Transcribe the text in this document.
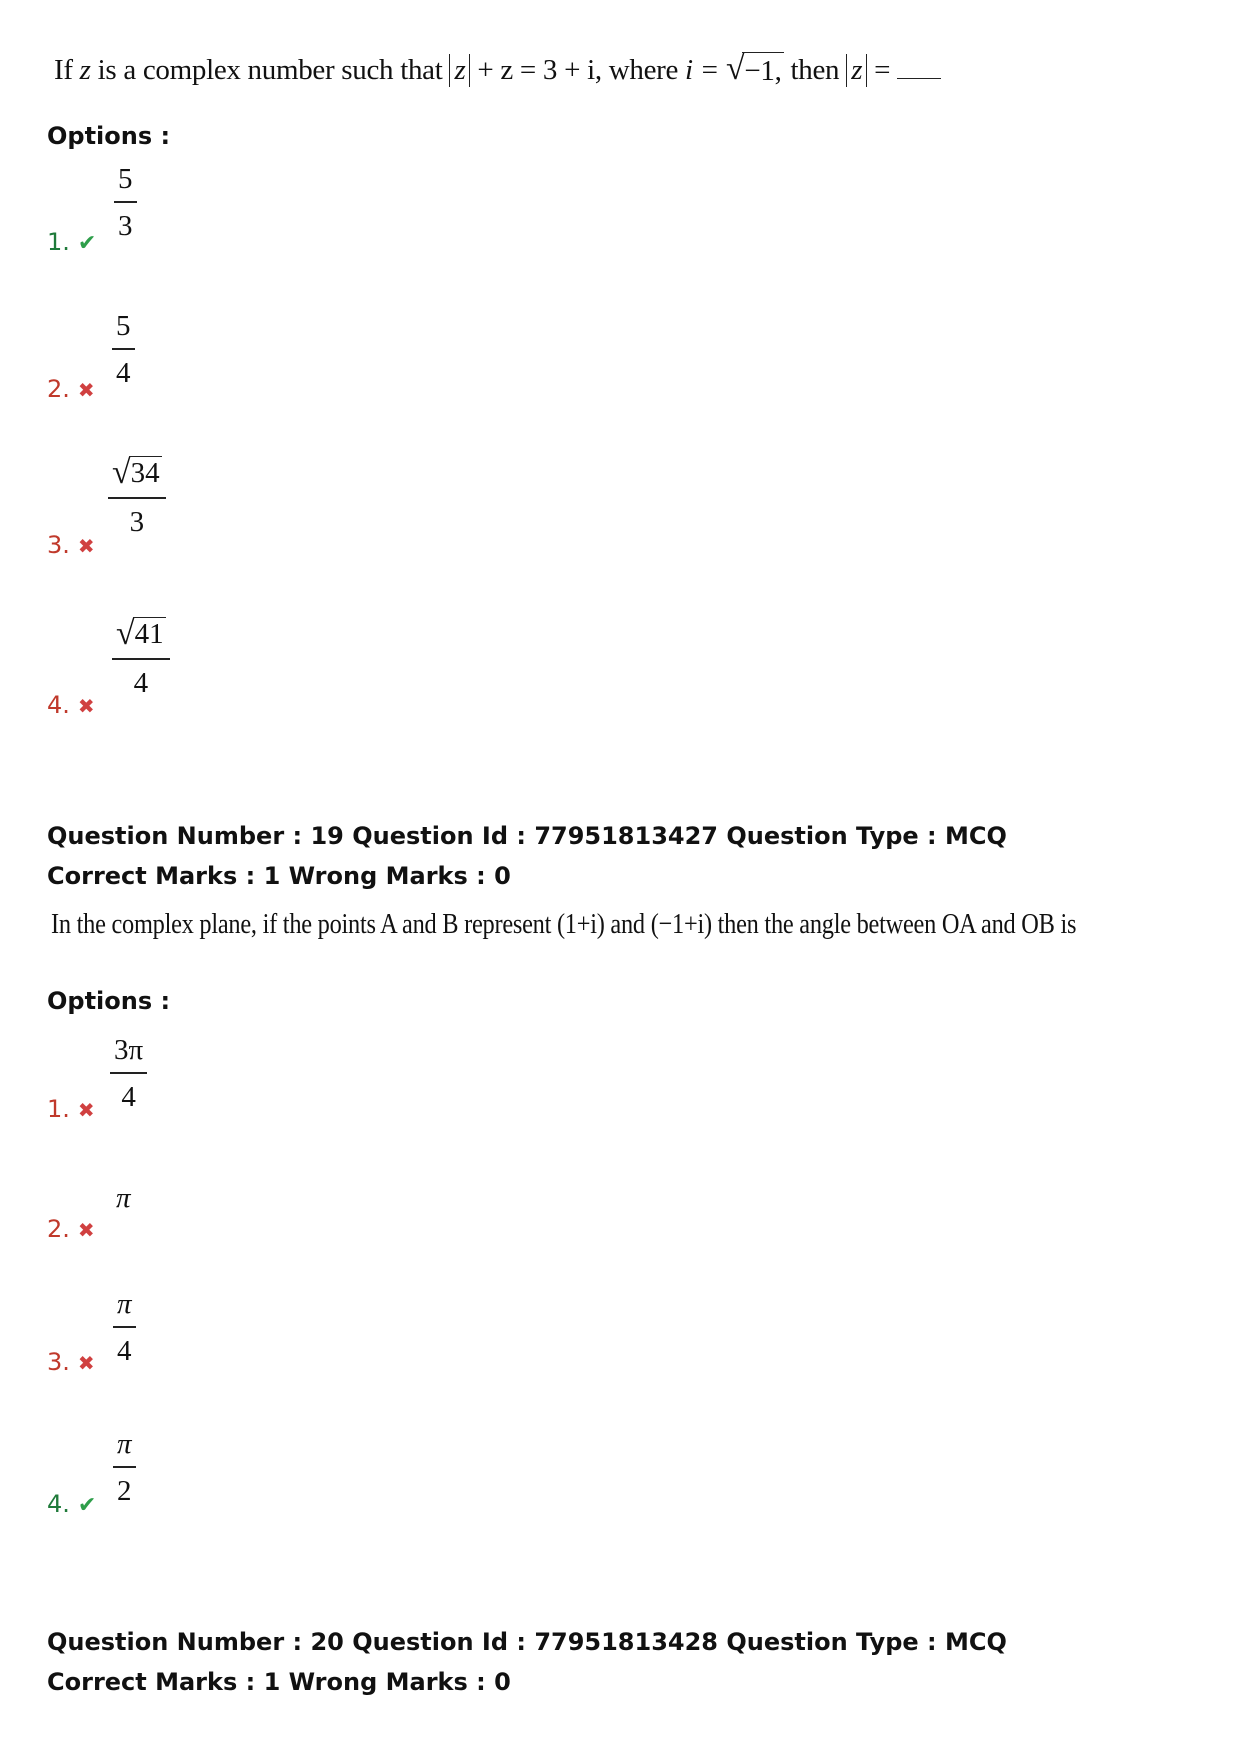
If z is a complex number such that z + z = 3 + i, where i = √ −1, then z =
Options :
1. ✔
5
3
2. ✖
5
4
3. ✖
√ 34
3
4. ✖
√ 41
4
Question Number : 19 Question Id : 77951813427 Question Type : MCQ
Correct Marks : 1 Wrong Marks : 0
In the complex plane, if the points A and B represent (1+i) and (−1+i) then the angle between OA and OB is
Options :
1. ✖
3π
4
2. ✖
π
3. ✖
π
4
4. ✔
π
2
Question Number : 20 Question Id : 77951813428 Question Type : MCQ
Correct Marks : 1 Wrong Marks : 0
